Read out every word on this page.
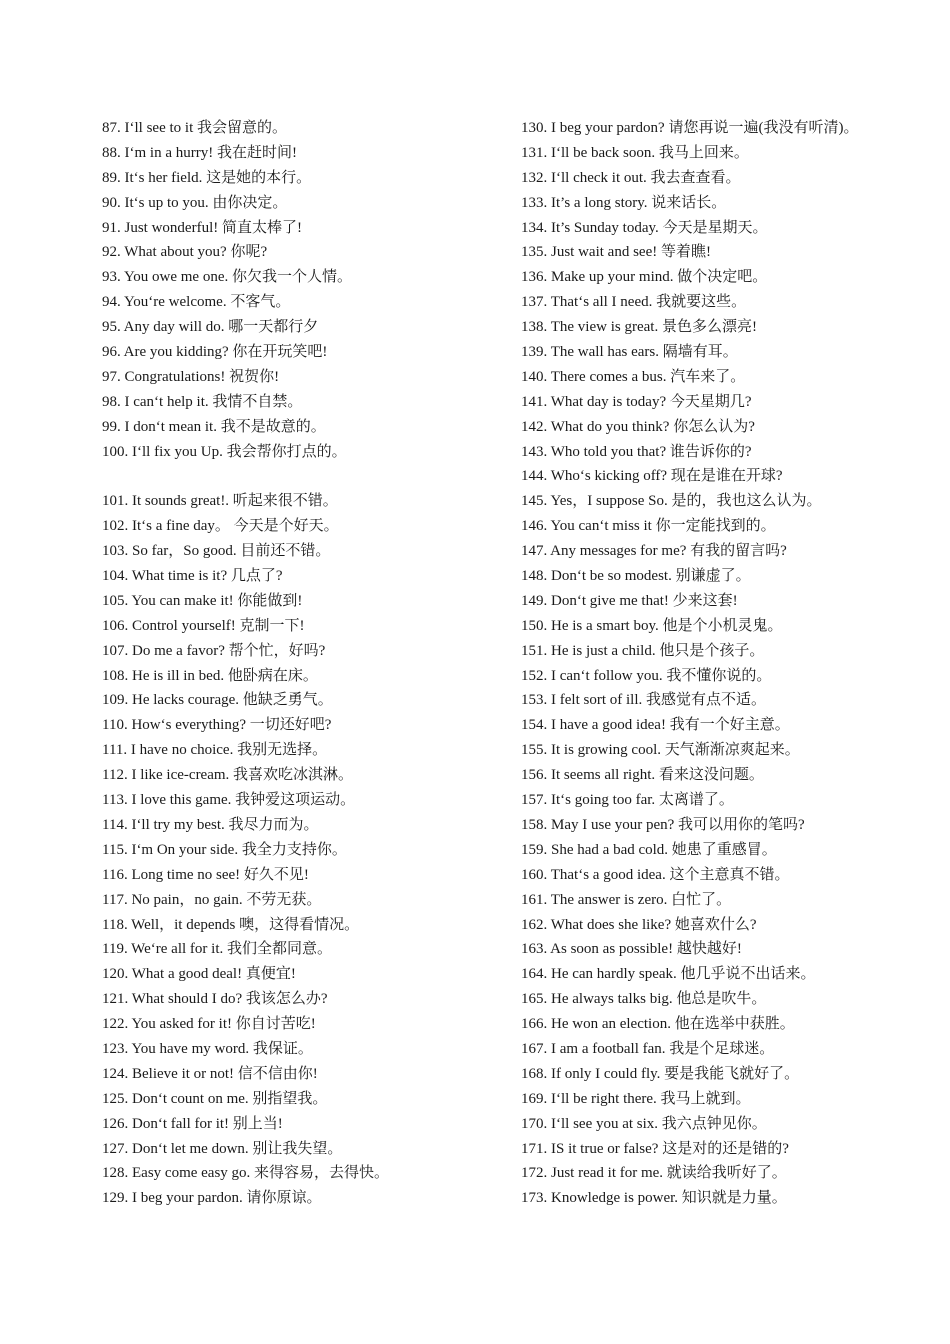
87. I‘ll see to it 我会留意的。
88. I‘m in a hurry! 我在赶时间!
89. It‘s her field. 这是她的本行。
90. It‘s up to you. 由你决定。
91. Just wonderful! 简直太棒了!
92. What about you? 你呢?
93. You owe me one. 你欠我一个人情。
94. You‘re welcome. 不客气。
95. Any day will do. 哪一天都行夕
96. Are you kidding? 你在开玩笑吧!
97. Congratulations! 祝贺你!
98. I can‘t help it. 我情不自禁。
99. I don‘t mean it. 我不是故意的。
100. I‘ll fix you Up. 我会帮你打点的。
101. It sounds great!. 听起来很不错。
102. It‘s a fine day。 今天是个好天。
103. So far，So good. 目前还不错。
104. What time is it? 几点了?
105. You can make it! 你能做到!
106. Control yourself! 克制一下!
107. Do me a favor? 帮个忙，好吗?
108. He is ill in bed. 他卧病在床。
109. He lacks courage. 他缺乏勇气。
110. How‘s everything? 一切还好吧?
111. I have no choice. 我别无选择。
112. I like ice-cream. 我喜欢吃冰淇淋。
113. I love this game. 我钟爱这项运动。
114. I‘ll try my best. 我尽力而为。
115. I‘m On your side. 我全力支持你。
116. Long time no see! 好久不见!
117. No pain，no gain. 不劳无获。
118. Well，it depends 噢，这得看情况。
119. We‘re all for it. 我们全都同意。
120. What a good deal! 真便宜!
121. What should I do? 我该怎么办?
122. You asked for it! 你自讨苦吃!
123. You have my word. 我保证。
124. Believe it or not! 信不信由你!
125. Don‘t count on me. 别指望我。
126. Don‘t fall for it! 别上当!
127. Don‘t let me down. 别让我失望。
128. Easy come easy go. 来得容易，去得快。
129. I beg your pardon. 请你原谅。
130. I beg your pardon? 请您再说一遍(我没有听清)。
131. I‘ll be back soon. 我马上回来。
132. I‘ll check it out. 我去查查看。
133. It’s a long story. 说来话长。
134. It’s Sunday today. 今天是星期天。
135. Just wait and see! 等着瞧!
136. Make up your mind. 做个决定吧。
137. That‘s all I need. 我就要这些。
138. The view is great. 景色多么漂亮!
139. The wall has ears. 隔墙有耳。
140. There comes a bus. 汽车来了。
141. What day is today? 今天星期几?
142. What do you think? 你怎么认为?
143. Who told you that? 谁告诉你的?
144. Who‘s kicking off? 现在是谁在开球?
145. Yes，I suppose So. 是的，我也这么认为。
146. You can‘t miss it 你一定能找到的。
147. Any messages for me? 有我的留言吗?
148. Don‘t be so modest. 别谦虚了。
149. Don‘t give me that! 少来这套!
150. He is a smart boy. 他是个小机灵鬼。
151. He is just a child. 他只是个孩子。
152. I can‘t follow you. 我不懂你说的。
153. I felt sort of ill. 我感觉有点不适。
154. I have a good idea! 我有一个好主意。
155. It is growing cool. 天气渐渐凉爽起来。
156. It seems all right. 看来这没问题。
157. It‘s going too far. 太离谱了。
158. May I use your pen? 我可以用你的笔吗?
159. She had a bad cold. 她患了重感冒。
160. That‘s a good idea. 这个主意真不错。
161. The answer is zero. 白忙了。
162. What does she like? 她喜欢什么?
163. As soon as possible! 越快越好!
164. He can hardly speak. 他几乎说不出话来。
165. He always talks big. 他总是吹牛。
166. He won an election. 他在选举中获胜。
167. I am a football fan. 我是个足球迷。
168. If only I could fly. 要是我能飞就好了。
169. I‘ll be right there. 我马上就到。
170. I‘ll see you at six. 我六点钟见你。
171. IS it true or false? 这是对的还是错的?
172. Just read it for me. 就读给我听好了。
173. Knowledge is power. 知识就是力量。
